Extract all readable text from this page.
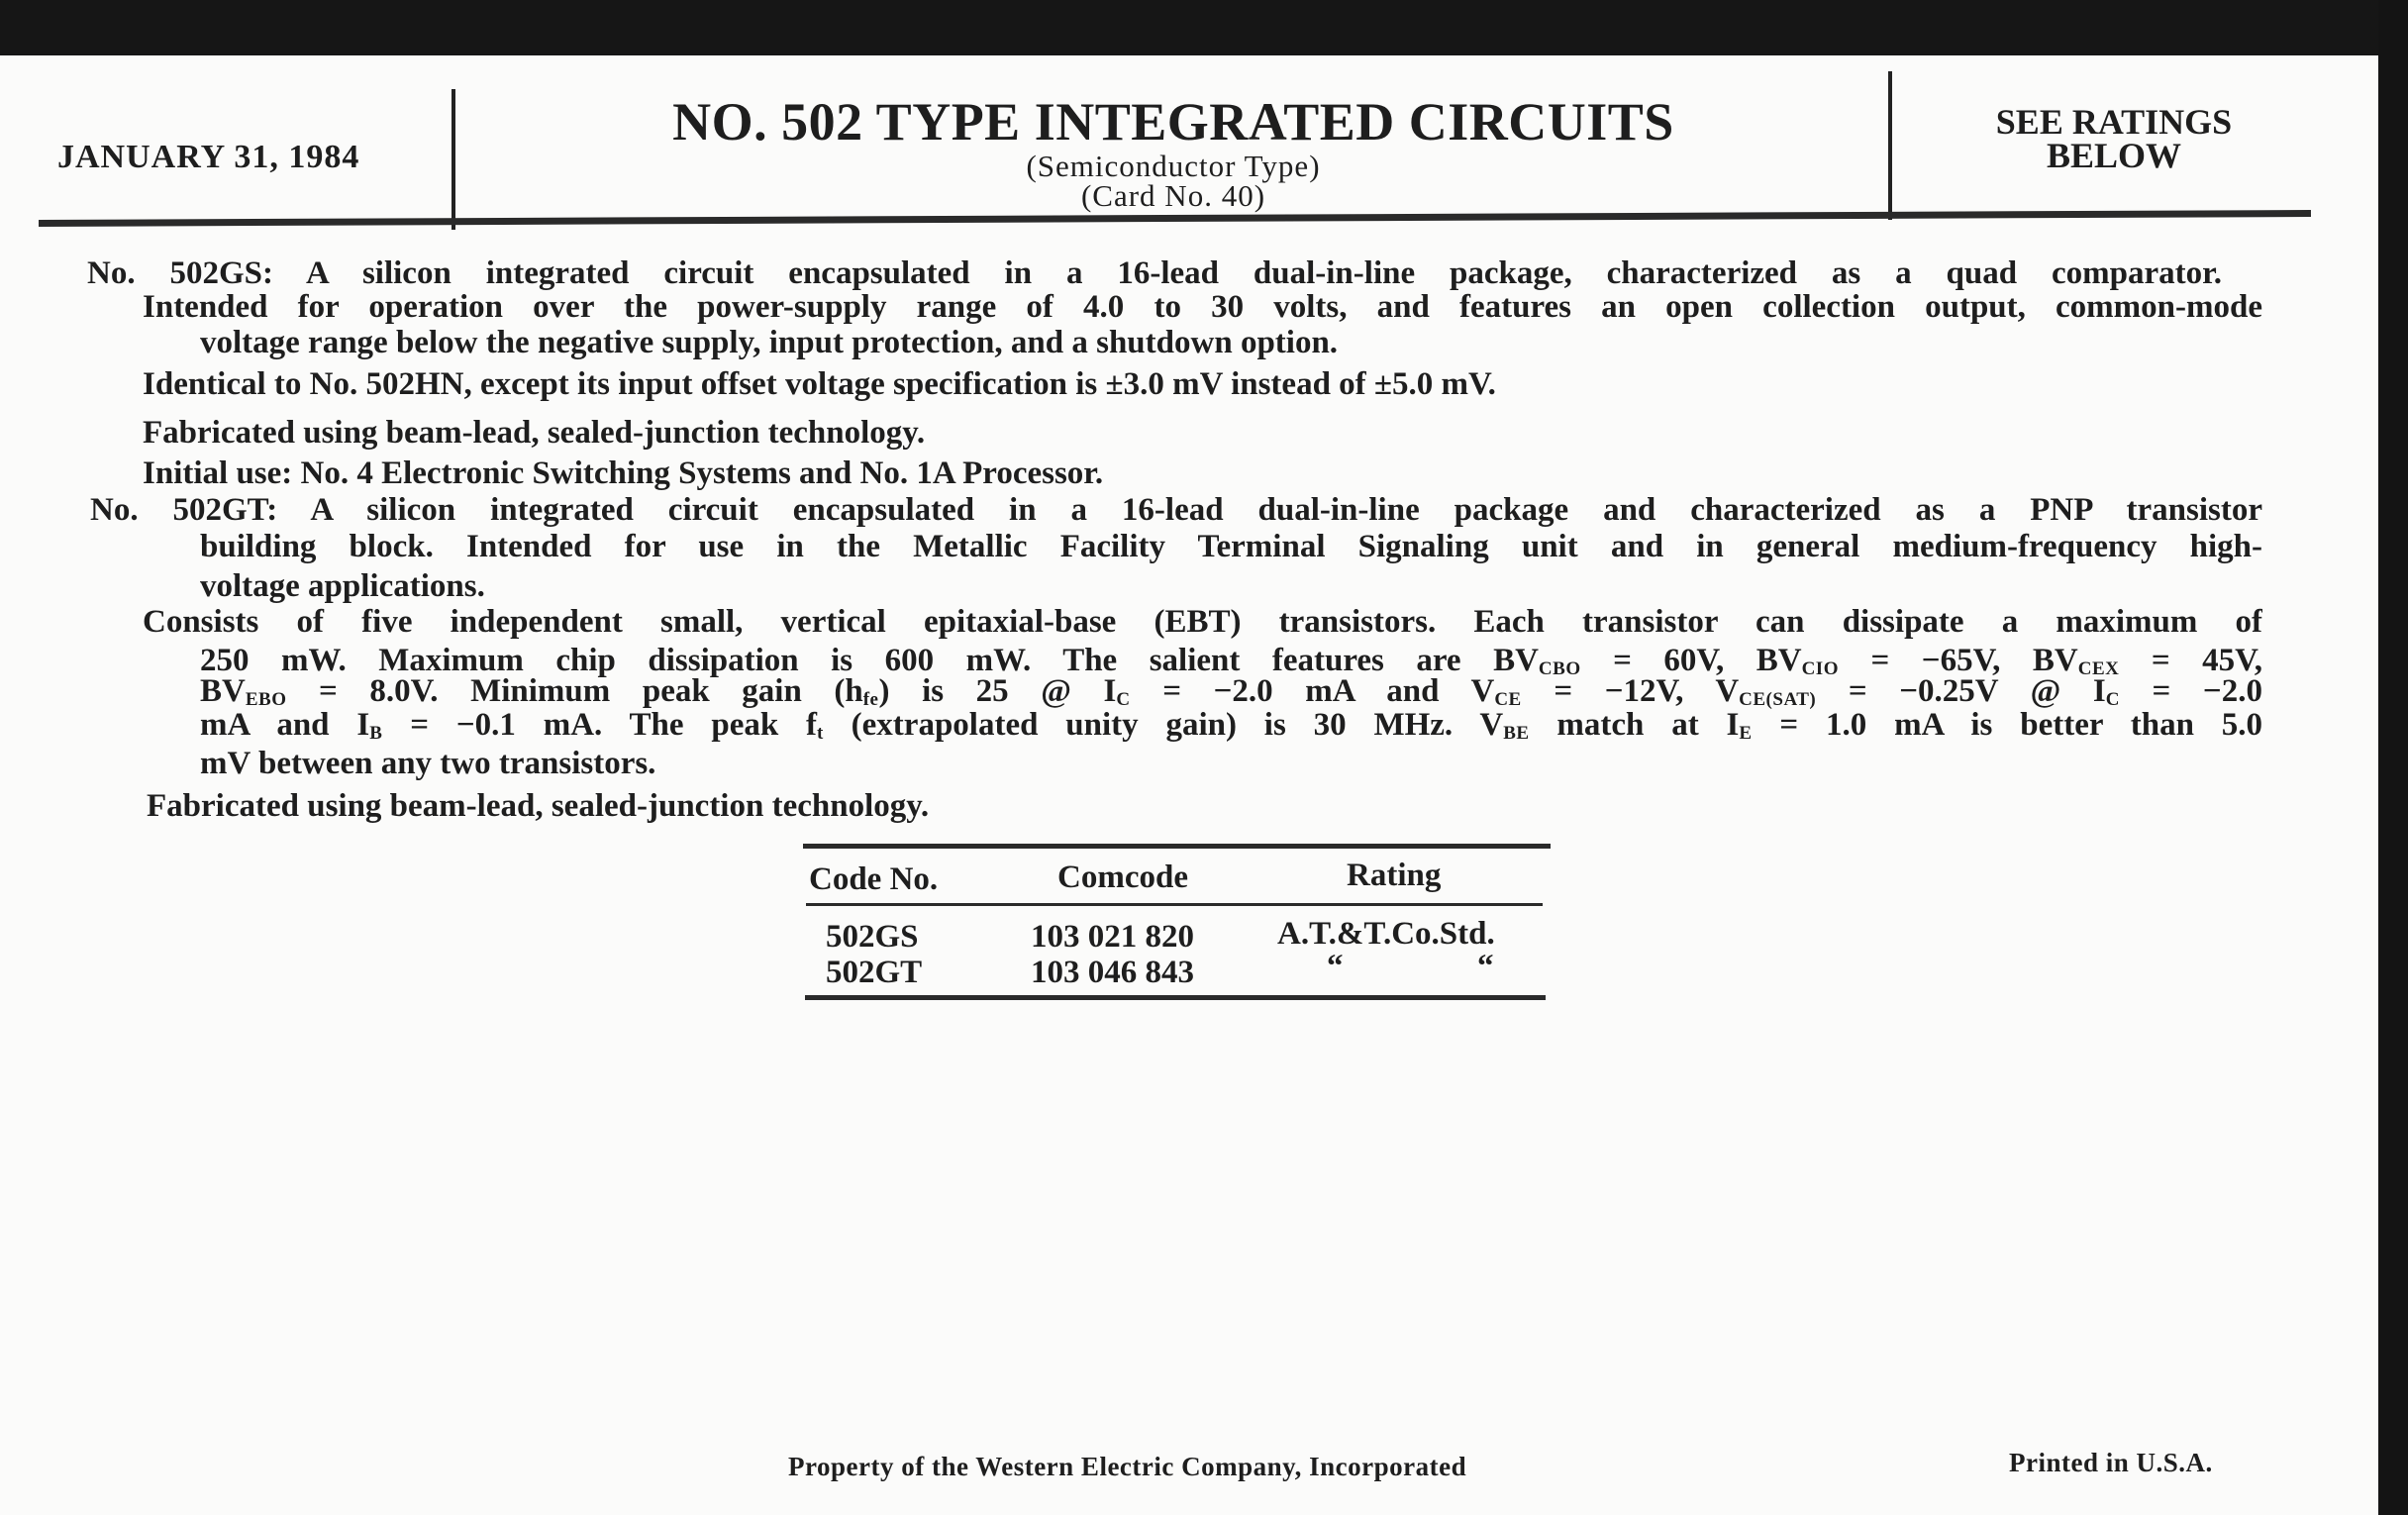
JANUARY 31, 1984
NO. 502 TYPE INTEGRATED CIRCUITS
(Semiconductor Type)
(Card No. 40)
SEE RATINGS
BELOW
No. 502GS: A silicon integrated circuit encapsulated in a 16-lead dual-in-line package, characterized as a quad comparator.
Intended for operation over the power-supply range of 4.0 to 30 volts, and features an open collection output, common-mode
voltage range below the negative supply, input protection, and a shutdown option.
Identical to No. 502HN, except its input offset voltage specification is ±3.0 mV instead of ±5.0 mV.
Fabricated using beam-lead, sealed-junction technology.
Initial use: No. 4 Electronic Switching Systems and No. 1A Processor.
No. 502GT: A silicon integrated circuit encapsulated in a 16-lead dual-in-line package and characterized as a PNP transistor
building block. Intended for use in the Metallic Facility Terminal Signaling unit and in general medium-frequency high-
voltage applications.
Consists of five independent small, vertical epitaxial-base (EBT) transistors. Each transistor can dissipate a maximum of
250 mW. Maximum chip dissipation is 600 mW. The salient features are $BV_{CBO} = 60V$, $BV_{CIO} = -65V$, $BV_{CEX} = 45V$,
$BV_{EBO} = 8.0V$. Minimum peak gain $(h_{fe})$ is 25 @ $I_C = -2.0$ mA and $V_{CE} = -12V$, $V_{CE(SAT)} = -0.25V$ @ $I_C = -2.0$
mA and $I_B = -0.1$ mA. The peak $f_t$ (extrapolated unity gain) is 30 MHz. $V_{BE}$ match at $I_E = 1.0$ mA is better than 5.0
mV between any two transistors.
Fabricated using beam-lead, sealed-junction technology.
Code No.	Comcode	Rating
502GS	103 021 820	A.T.&T.Co.Std.
502GT	103 046 843	“	“
Property of the Western Electric Company, Incorporated	Printed in U.S.A.
